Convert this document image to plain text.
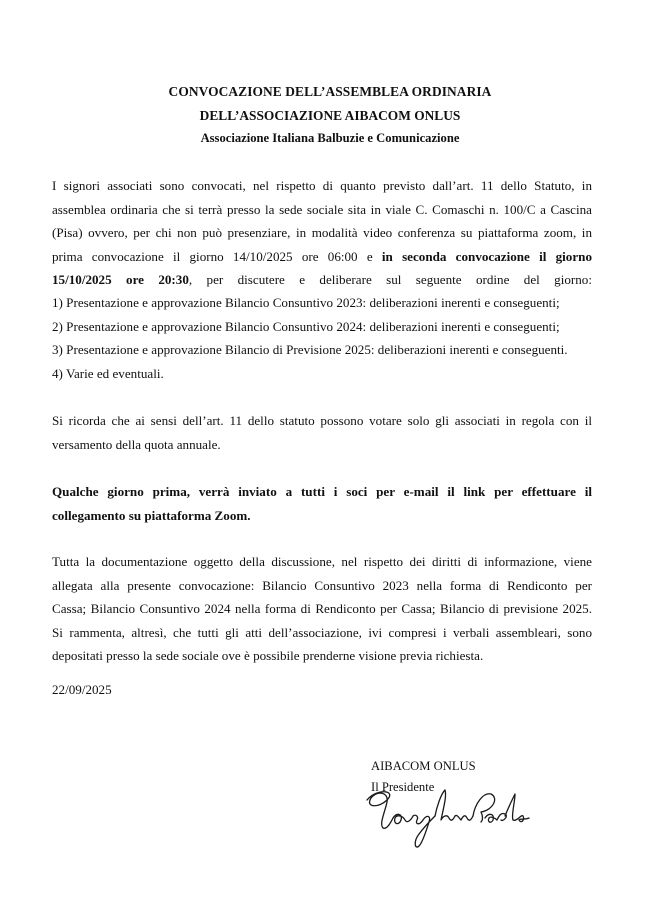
CONVOCAZIONE DELL’ASSEMBLEA ORDINARIA
DELL’ASSOCIAZIONE AIBACOM ONLUS
Associazione Italiana Balbuzie e Comunicazione
I signori associati sono convocati, nel rispetto di quanto previsto dall’art. 11 dello Statuto, in
assemblea ordinaria che si terrà presso la sede sociale sita in viale C. Comaschi n. 100/C a Cascina
(Pisa) ovvero, per chi non può presenziare, in modalità video conferenza su piattaforma zoom, in
prima convocazione il giorno 14/10/2025 ore 06:00 e in seconda convocazione il giorno
15/10/2025 ore 20:30, per discutere e deliberare sul seguente ordine del giorno:
1) Presentazione e approvazione Bilancio Consuntivo 2023: deliberazioni inerenti e conseguenti;
2) Presentazione e approvazione Bilancio Consuntivo 2024: deliberazioni inerenti e conseguenti;
3) Presentazione e approvazione Bilancio di Previsione 2025: deliberazioni inerenti e conseguenti.
4) Varie ed eventuali.
Si ricorda che ai sensi dell’art. 11 dello statuto possono votare solo gli associati in regola con il
versamento della quota annuale.
Qualche giorno prima, verrà inviato a tutti i soci per e-mail il link per effettuare il
collegamento su piattaforma Zoom.
Tutta la documentazione oggetto della discussione, nel rispetto dei diritti di informazione, viene
allegata alla presente convocazione: Bilancio Consuntivo 2023 nella forma di Rendiconto per
Cassa; Bilancio Consuntivo 2024 nella forma di Rendiconto per Cassa; Bilancio di previsione 2025.
Si rammenta, altresì, che tutti gli atti dell’associazione, ivi compresi i verbali assembleari, sono
depositati presso la sede sociale ove è possibile prenderne visione previa richiesta.
22/09/2025
AIBACOM ONLUS
Il Presidente
